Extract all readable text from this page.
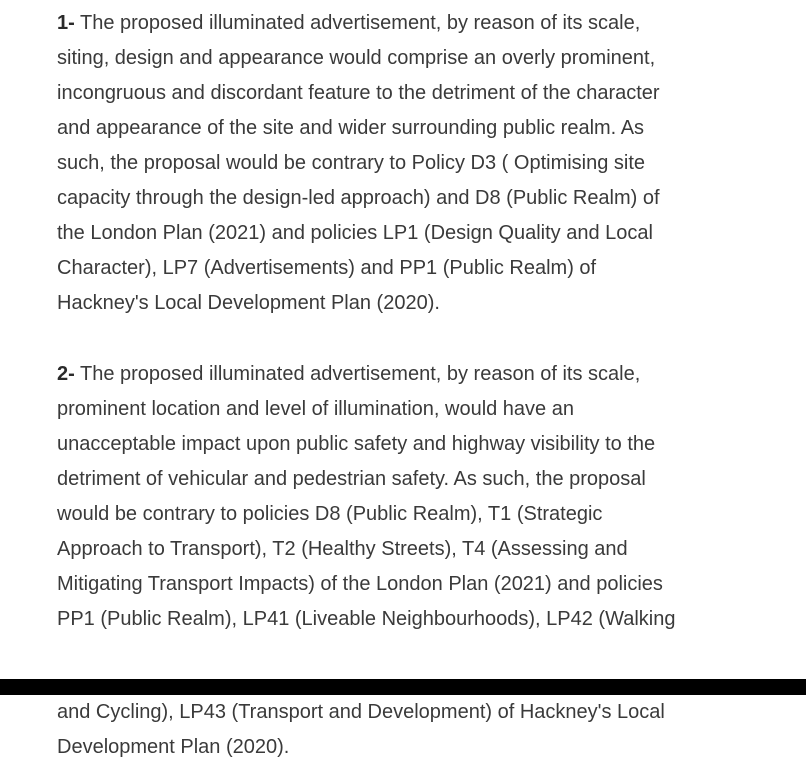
1- The proposed illuminated advertisement, by reason of its scale,
siting, design and appearance would comprise an overly prominent,
incongruous and discordant feature to the detriment of the character
and appearance of the site and wider surrounding public realm. As
such, the proposal would be contrary to Policy D3 ( Optimising site
capacity through the design-led approach) and D8 (Public Realm) of
the London Plan (2021) and policies LP1 (Design Quality and Local
Character), LP7 (Advertisements) and PP1 (Public Realm) of
Hackney's Local Development Plan (2020).
2- The proposed illuminated advertisement, by reason of its scale,
prominent location and level of illumination, would have an
unacceptable impact upon public safety and highway visibility to the
detriment of vehicular and pedestrian safety. As such, the proposal
would be contrary to policies D8 (Public Realm), T1 (Strategic
Approach to Transport), T2 (Healthy Streets), T4 (Assessing and
Mitigating Transport Impacts) of the London Plan (2021) and policies
PP1 (Public Realm), LP41 (Liveable Neighbourhoods), LP42 (Walking
and Cycling), LP43 (Transport and Development) of Hackney's Local
Development Plan (2020).
